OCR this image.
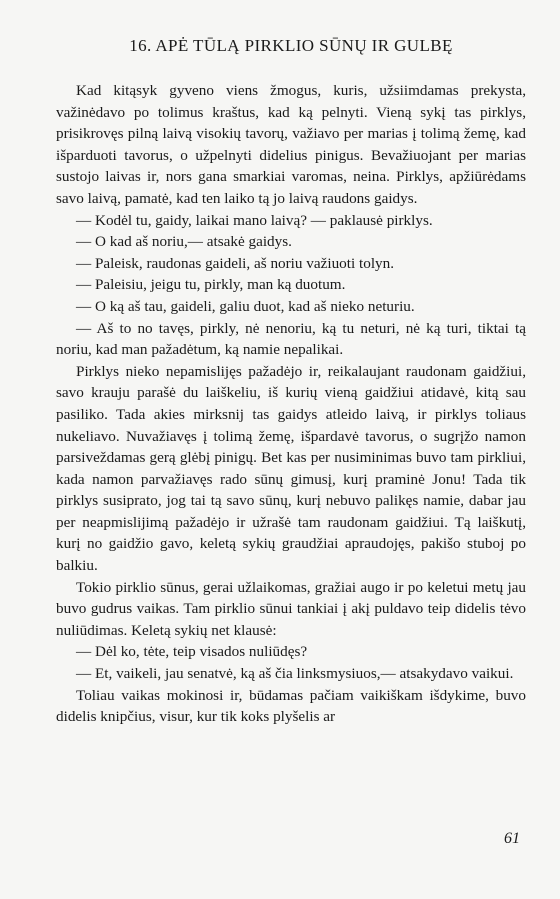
16. APĖ TŪLĄ PIRKLIO SŪNŲ IR GULBĘ

Kad kitąsyk gyveno viens žmogus, kuris, užsiimdamas prekysta, važinėdavo po tolimus kraštus, kad ką pelnyti. Vieną sykį tas pirklys, prisikrovęs pilną laivą visokių tavorų, važiavo per marias į tolimą žemę, kad išparduoti tavorus, o užpelnyti didelius pinigus. Bevažiuojant per marias sustojo laivas ir, nors gana smarkiai varomas, neina. Pirklys, apžiūrėdams savo laivą, pamatė, kad ten laiko tą jo laivą raudons gaidys.

— Kodėl tu, gaidy, laikai mano laivą? — paklausė pirklys.

— O kad aš noriu,— atsakė gaidys.

— Paleisk, raudonas gaideli, aš noriu važiuoti tolyn.

— Paleisiu, jeigu tu, pirkly, man ką duotum.

— O ką aš tau, gaideli, galiu duot, kad aš nieko neturiu.

— Aš to no tavęs, pirkly, nė nenoriu, ką tu neturi, nė ką turi, tiktai tą noriu, kad man pažadėtum, ką namie nepalikai.

Pirklys nieko nepamislijęs pažadėjo ir, reikalaujant raudonam gaidžiui, savo krauju parašė du laiškeliu, iš kurių vieną gaidžiui atidavė, kitą sau pasiliko. Tada akies mirksnij tas gaidys atleido laivą, ir pirklys toliaus nukeliavo. Nuvažiavęs į tolimą žemę, išpardavė tavorus, o sugrįžo namon parsiveždamas gerą glėbį pinigų. Bet kas per nusiminimas buvo tam pirkliui, kada namon parvažiavęs rado sūnų gimusį, kurį praminė Jonu! Tada tik pirklys susiprato, jog tai tą savo sūnų, kurį nebuvo palikęs namie, dabar jau per neapmislijimą pažadėjo ir užrašė tam raudonam gaidžiui. Tą laiškutį, kurį no gaidžio gavo, keletą sykių graudžiai apraudojęs, pakišo stuboj po balkiu.

Tokio pirklio sūnus, gerai užlaikomas, gražiai augo ir po keletui metų jau buvo gudrus vaikas. Tam pirklio sūnui tankiai į akį puldavo teip didelis tėvo nuliūdimas. Keletą sykių net klausė:

— Dėl ko, tėte, teip visados nuliūdęs?

— Et, vaikeli, jau senatvė, ką aš čia linksmysiuos,— atsakydavo vaikui.

Toliau vaikas mokinosi ir, būdamas pačiam vaikiškam išdykime, buvo didelis knipčius, visur, kur tik koks plyšelis ar

61
